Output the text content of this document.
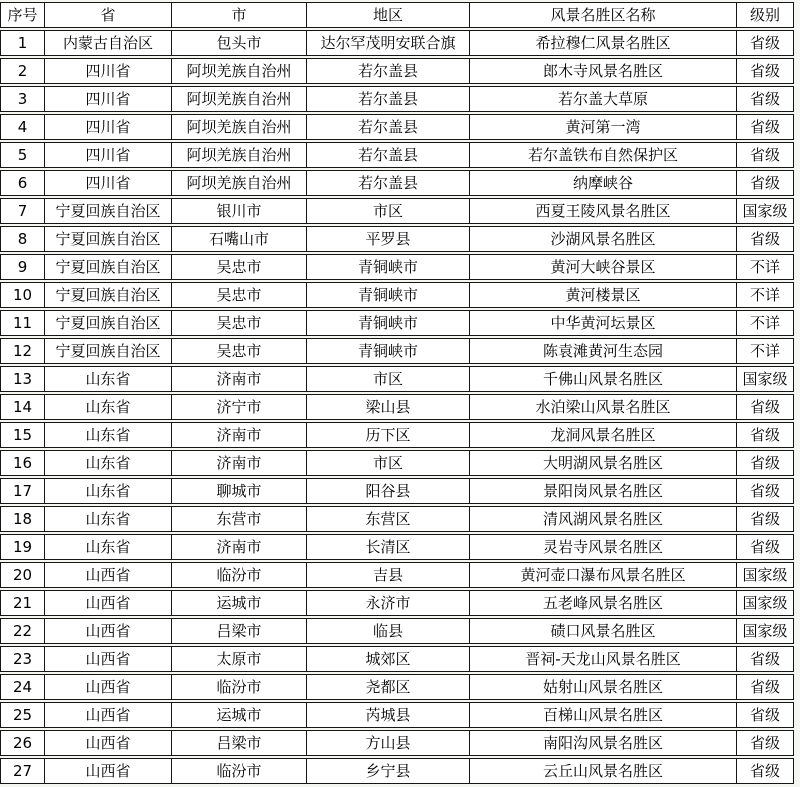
序号	省	市	地区	风景名胜区名称	级别
1	内蒙古自治区	包头市	达尔罕茂明安联合旗	希拉穆仁风景名胜区	省级
2	四川省	阿坝羌族自治州	若尔盖县	郎木寺风景名胜区	省级
3	四川省	阿坝羌族自治州	若尔盖县	若尔盖大草原	省级
4	四川省	阿坝羌族自治州	若尔盖县	黄河第一湾	省级
5	四川省	阿坝羌族自治州	若尔盖县	若尔盖铁布自然保护区	省级
6	四川省	阿坝羌族自治州	若尔盖县	纳摩峡谷	省级
7	宁夏回族自治区	银川市	市区	西夏王陵风景名胜区	国家级
8	宁夏回族自治区	石嘴山市	平罗县	沙湖风景名胜区	省级
9	宁夏回族自治区	吴忠市	青铜峡市	黄河大峡谷景区	不详
10	宁夏回族自治区	吴忠市	青铜峡市	黄河楼景区	不详
11	宁夏回族自治区	吴忠市	青铜峡市	中华黄河坛景区	不详
12	宁夏回族自治区	吴忠市	青铜峡市	陈袁滩黄河生态园	不详
13	山东省	济南市	市区	千佛山风景名胜区	国家级
14	山东省	济宁市	梁山县	水泊梁山风景名胜区	省级
15	山东省	济南市	历下区	龙洞风景名胜区	省级
16	山东省	济南市	市区	大明湖风景名胜区	省级
17	山东省	聊城市	阳谷县	景阳岗风景名胜区	省级
18	山东省	东营市	东营区	清风湖风景名胜区	省级
19	山东省	济南市	长清区	灵岩寺风景名胜区	省级
20	山西省	临汾市	吉县	黄河壶口瀑布风景名胜区	国家级
21	山西省	运城市	永济市	五老峰风景名胜区	国家级
22	山西省	吕梁市	临县	碛口风景名胜区	国家级
23	山西省	太原市	城郊区	晋祠-天龙山风景名胜区	省级
24	山西省	临汾市	尧都区	姑射山风景名胜区	省级
25	山西省	运城市	芮城县	百梯山风景名胜区	省级
26	山西省	吕梁市	方山县	南阳沟风景名胜区	省级
27	山西省	临汾市	乡宁县	云丘山风景名胜区	省级
